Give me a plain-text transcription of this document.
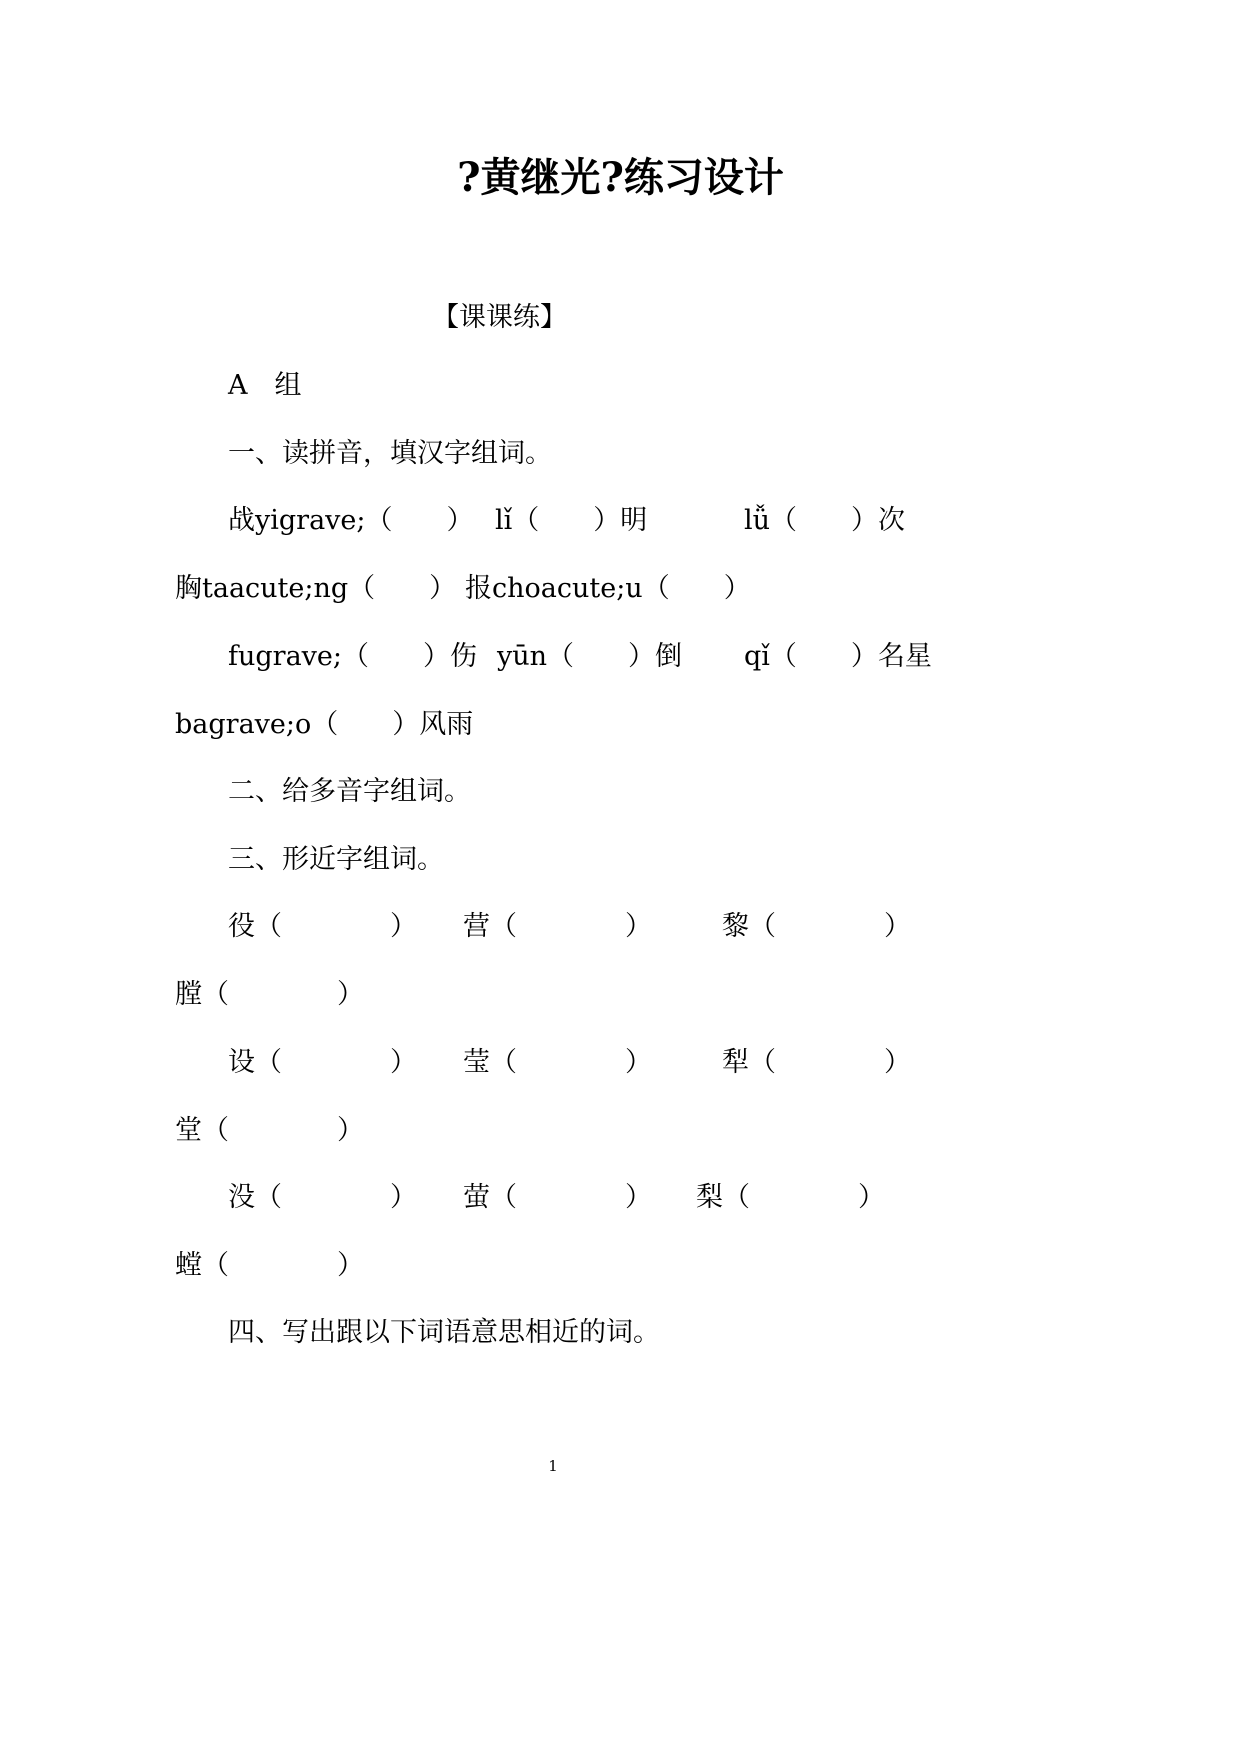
?黄继光?练习设计
【课课练】
A　组
一、读拼音，填汉字组词。
战yigrave;（　　） lǐ（　　）明	lǚ（　　）次
胸taacute;ng（　　） 报choacute;u（　　）
fugrave;（　　）伤 yūn（　　）倒 qǐ（　　）名星
bagrave;o（　　）风雨
二、给多音字组词。
三、形近字组词。
役（　　　　） 营（　　　　）	黎（　　　　）
膛（　　　　）
设（　　　　） 莹（　　　　）	犁（　　　　）
堂（　　　　）
没（　　　　） 萤（　　　　） 梨（　　　　）
螳（　　　　）
四、写出跟以下词语意思相近的词。
1
